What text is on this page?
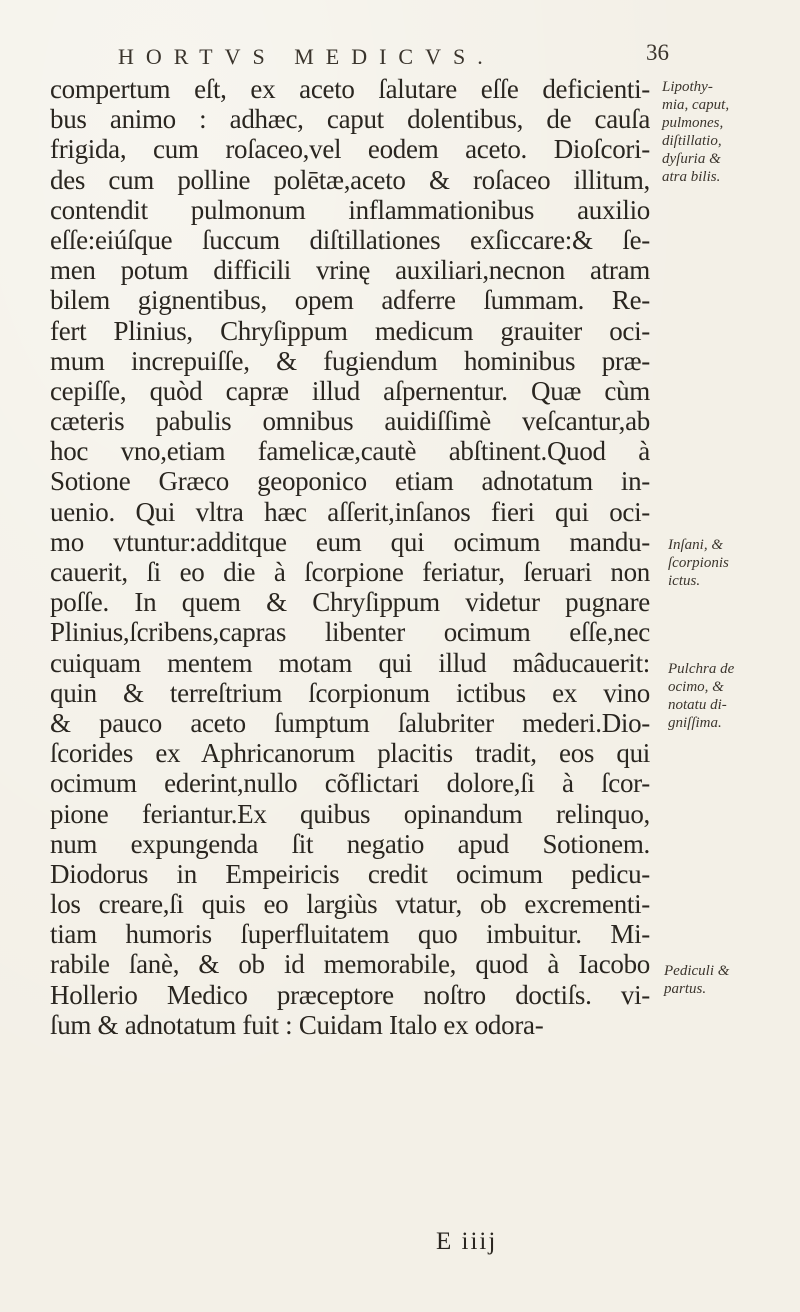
HORTVS MEDICVS.	36
compertum eſt, ex aceto ſalutare eſſe deficienti-
bus animo : adhæc, caput dolentibus, de cauſa
frigida, cum roſaceo,vel eodem aceto. Dioſcori-
des cum polline polētæ,aceto & roſaceo illitum,
contendit pulmonum inflammationibus auxilio
eſſe:eiúſque ſuccum diſtillationes exſiccare:& ſe-
men potum difficili vrinę auxiliari,necnon atram
bilem gignentibus, opem adferre ſummam. Re-
fert Plinius, Chryſippum medicum grauiter oci-
mum increpuiſſe, & fugiendum hominibus præ-
cepiſſe, quòd capræ illud aſpernentur. Quæ cùm
cæteris pabulis omnibus auidiſſimè veſcantur,ab
hoc vno,etiam famelicæ,cautè abſtinent.Quod à
Sotione Græco geoponico etiam adnotatum in-
uenio. Qui vltra hæc aſſerit,inſanos fieri qui oci-
mo vtuntur:additque eum qui ocimum mandu-
cauerit, ſi eo die à ſcorpione feriatur, ſeruari non
poſſe. In quem & Chryſippum videtur pugnare
Plinius,ſcribens,capras libenter ocimum eſſe,nec
cuiquam mentem motam qui illud mâducauerit:
quin & terreſtrium ſcorpionum ictibus ex vino
& pauco aceto ſumptum ſalubriter mederi.Dio-
ſcorides ex Aphricanorum placitis tradit, eos qui
ocimum ederint,nullo cõflictari dolore,ſi à ſcor-
pione feriantur.Ex quibus opinandum relinquo,
num expungenda ſit negatio apud Sotionem.
Diodorus in Empeiricis credit ocimum pedicu-
los creare,ſi quis eo largiùs vtatur, ob excrementi-
tiam humoris ſuperfluitatem quo imbuitur. Mi-
rabile ſanè, & ob id memorabile, quod à Iacobo
Hollerio Medico præceptore noſtro doctiſs. vi-
ſum & adnotatum fuit : Cuidam Italo ex odora-
Lipothy-
mia, caput,
pulmones,
diſtillatio,
dyſuria &
atra bilis.
Inſani, &
ſcorpionis
ictus.
Pulchra de
ocimo, &
notatu di-
gniſſima.
Pediculi &
partus.
E iiij
